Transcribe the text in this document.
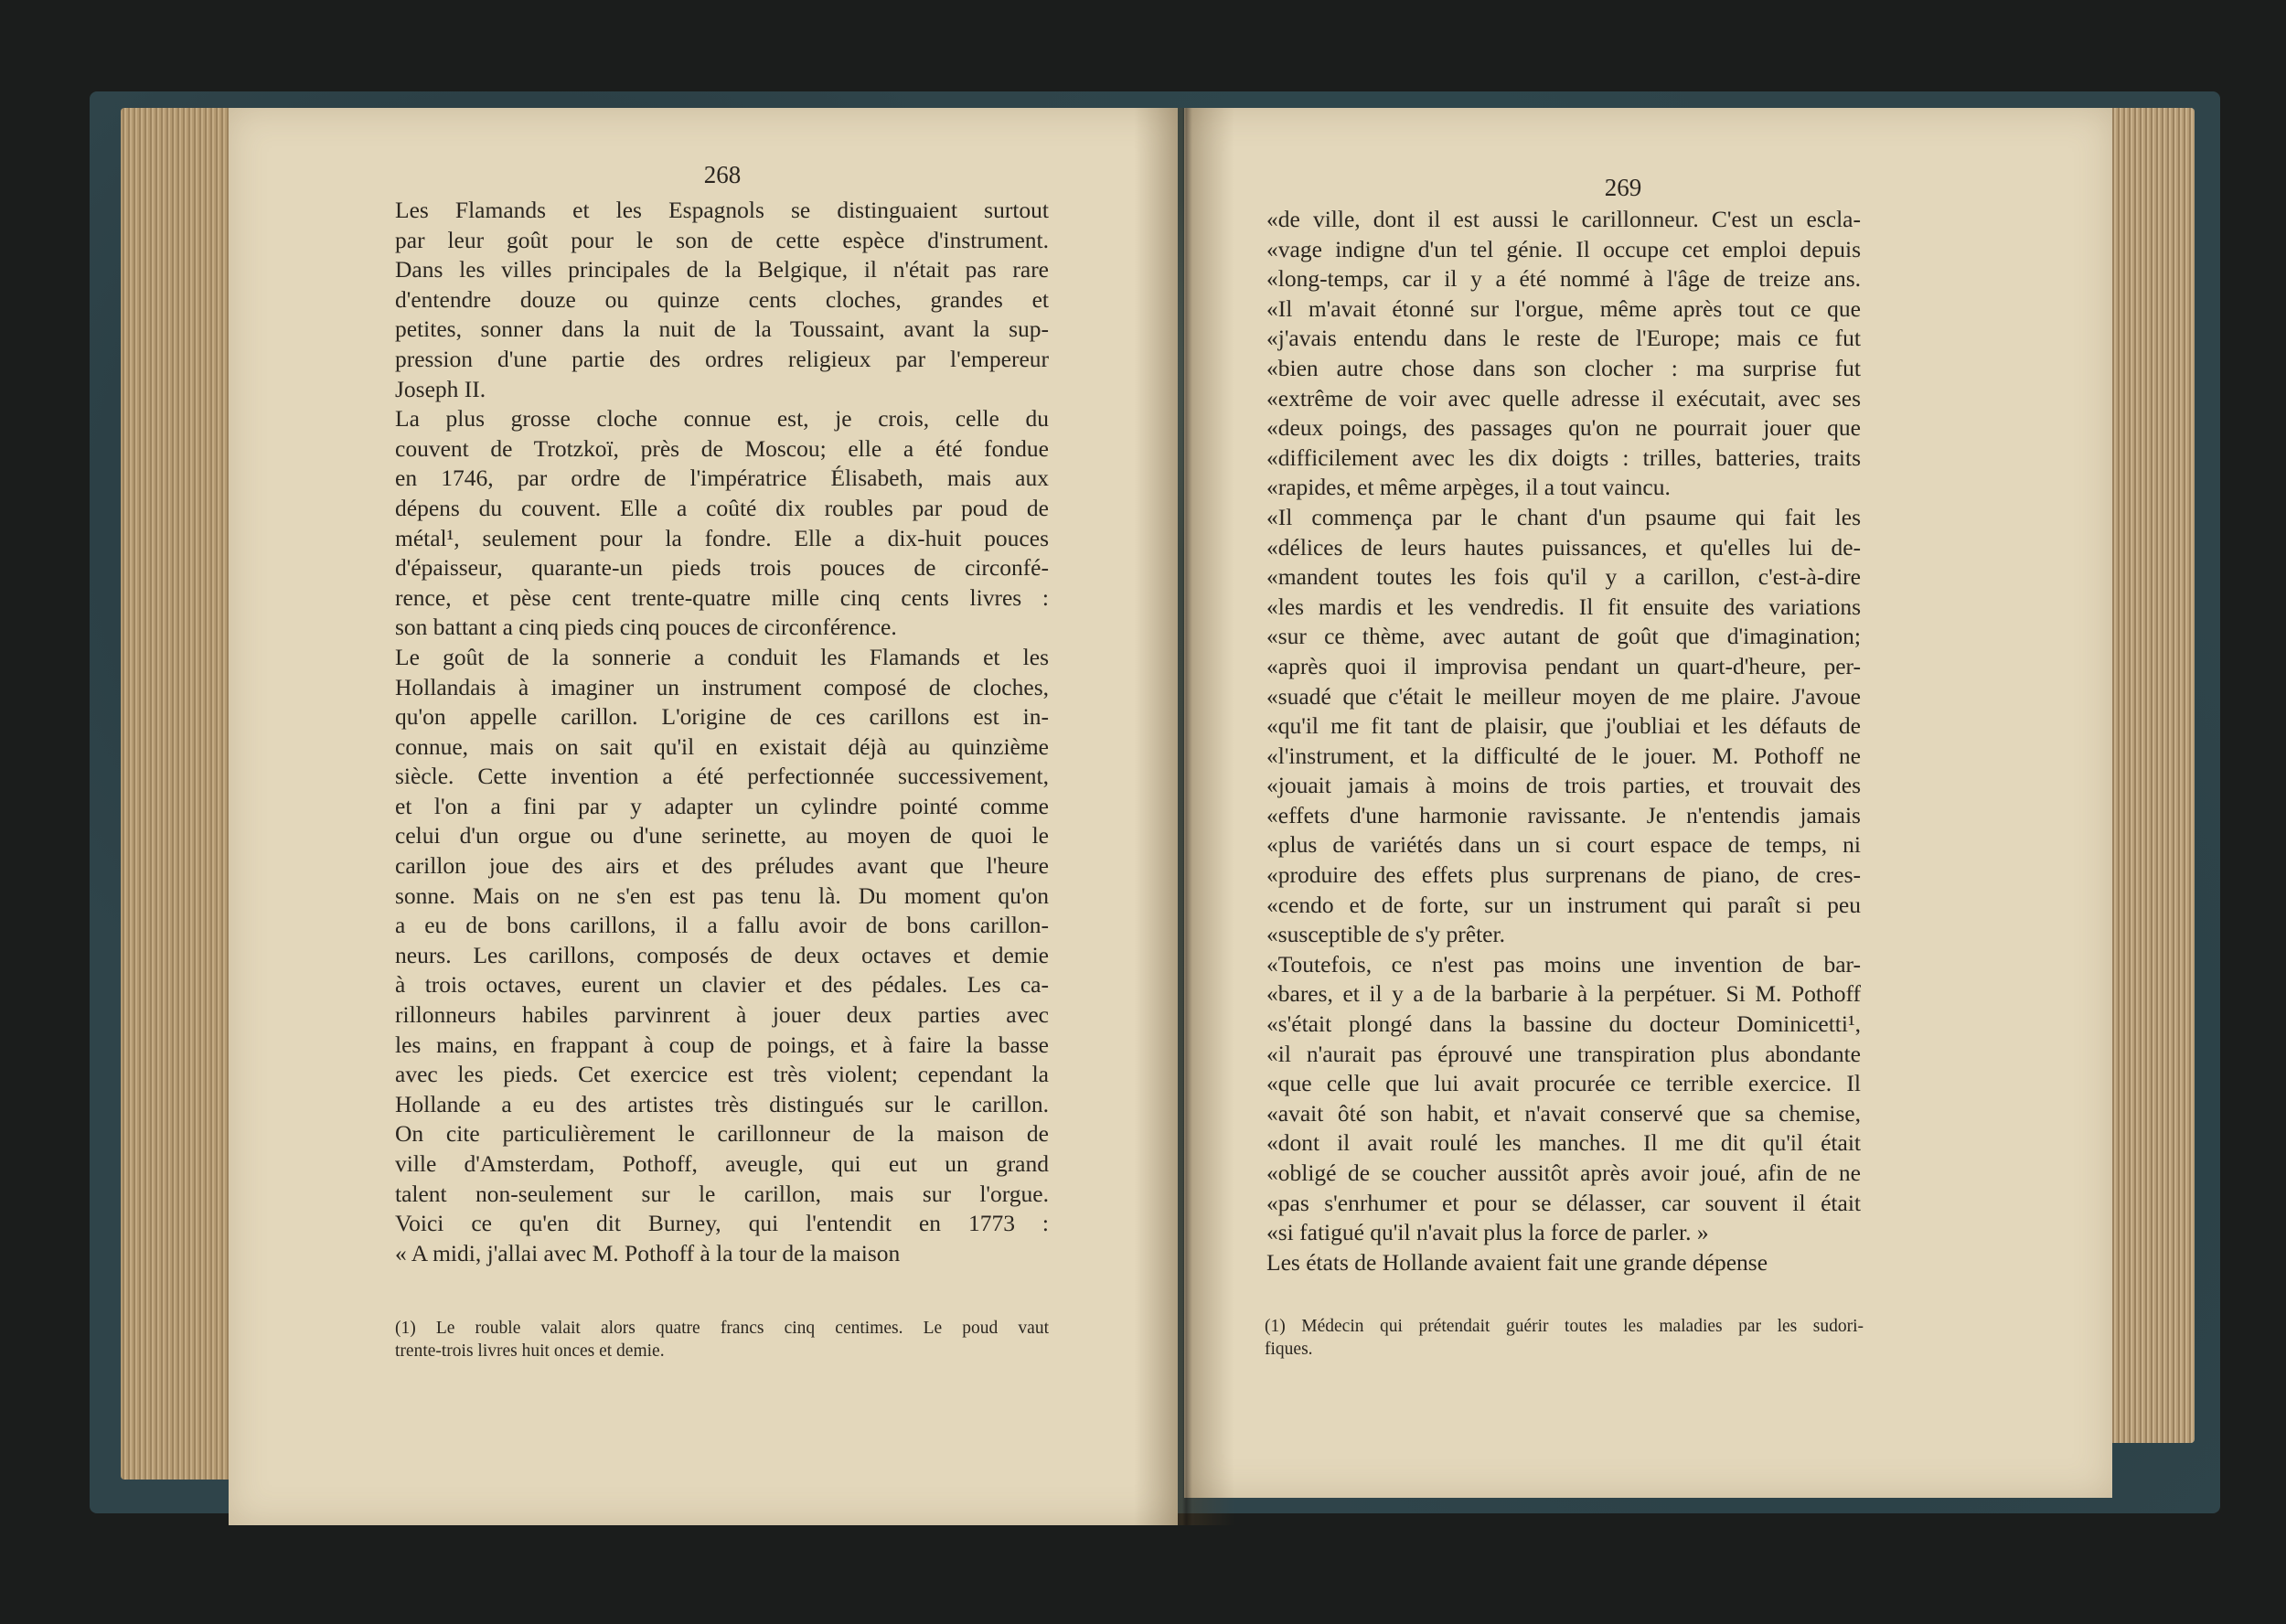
268
Les Flamands et les Espagnols se distinguaient surtout
par leur goût pour le son de cette espèce d'instrument.
Dans les villes principales de la Belgique, il n'était pas rare
d'entendre douze ou quinze cents cloches, grandes et
petites, sonner dans la nuit de la Toussaint, avant la sup-
pression d'une partie des ordres religieux par l'empereur
Joseph II.
La plus grosse cloche connue est, je crois, celle du
couvent de Trotzkoï, près de Moscou; elle a été fondue
en 1746, par ordre de l'impératrice Élisabeth, mais aux
dépens du couvent. Elle a coûté dix roubles par poud de
métal¹, seulement pour la fondre. Elle a dix-huit pouces
d'épaisseur, quarante-un pieds trois pouces de circonfé-
rence, et pèse cent trente-quatre mille cinq cents livres :
son battant a cinq pieds cinq pouces de circonférence.
Le goût de la sonnerie a conduit les Flamands et les
Hollandais à imaginer un instrument composé de cloches,
qu'on appelle carillon. L'origine de ces carillons est in-
connue, mais on sait qu'il en existait déjà au quinzième
siècle. Cette invention a été perfectionnée successivement,
et l'on a fini par y adapter un cylindre pointé comme
celui d'un orgue ou d'une serinette, au moyen de quoi le
carillon joue des airs et des préludes avant que l'heure
sonne. Mais on ne s'en est pas tenu là. Du moment qu'on
a eu de bons carillons, il a fallu avoir de bons carillon-
neurs. Les carillons, composés de deux octaves et demie
à trois octaves, eurent un clavier et des pédales. Les ca-
rillonneurs habiles parvinrent à jouer deux parties avec
les mains, en frappant à coup de poings, et à faire la basse
avec les pieds. Cet exercice est très violent; cependant la
Hollande a eu des artistes très distingués sur le carillon.
On cite particulièrement le carillonneur de la maison de
ville d'Amsterdam, Pothoff, aveugle, qui eut un grand
talent non-seulement sur le carillon, mais sur l'orgue.
Voici ce qu'en dit Burney, qui l'entendit en 1773 :
« A midi, j'allai avec M. Pothoff à la tour de la maison
(1) Le rouble valait alors quatre francs cinq centimes. Le poud vaut
trente-trois livres huit onces et demie.
269
«de ville, dont il est aussi le carillonneur. C'est un escla-
«vage indigne d'un tel génie. Il occupe cet emploi depuis
«long-temps, car il y a été nommé à l'âge de treize ans.
«Il m'avait étonné sur l'orgue, même après tout ce que
«j'avais entendu dans le reste de l'Europe; mais ce fut
«bien autre chose dans son clocher : ma surprise fut
«extrême de voir avec quelle adresse il exécutait, avec ses
«deux poings, des passages qu'on ne pourrait jouer que
«difficilement avec les dix doigts : trilles, batteries, traits
«rapides, et même arpèges, il a tout vaincu.
«Il commença par le chant d'un psaume qui fait les
«délices de leurs hautes puissances, et qu'elles lui de-
«mandent toutes les fois qu'il y a carillon, c'est-à-dire
«les mardis et les vendredis. Il fit ensuite des variations
«sur ce thème, avec autant de goût que d'imagination;
«après quoi il improvisa pendant un quart-d'heure, per-
«suadé que c'était le meilleur moyen de me plaire. J'avoue
«qu'il me fit tant de plaisir, que j'oubliai et les défauts de
«l'instrument, et la difficulté de le jouer. M. Pothoff ne
«jouait jamais à moins de trois parties, et trouvait des
«effets d'une harmonie ravissante. Je n'entendis jamais
«plus de variétés dans un si court espace de temps, ni
«produire des effets plus surprenans de piano, de cres-
«cendo et de forte, sur un instrument qui paraît si peu
«susceptible de s'y prêter.
«Toutefois, ce n'est pas moins une invention de bar-
«bares, et il y a de la barbarie à la perpétuer. Si M. Pothoff
«s'était plongé dans la bassine du docteur Dominicetti¹,
«il n'aurait pas éprouvé une transpiration plus abondante
«que celle que lui avait procurée ce terrible exercice. Il
«avait ôté son habit, et n'avait conservé que sa chemise,
«dont il avait roulé les manches. Il me dit qu'il était
«obligé de se coucher aussitôt après avoir joué, afin de ne
«pas s'enrhumer et pour se délasser, car souvent il était
«si fatigué qu'il n'avait plus la force de parler. »
Les états de Hollande avaient fait une grande dépense
(1) Médecin qui prétendait guérir toutes les maladies par les sudori-
fiques.
